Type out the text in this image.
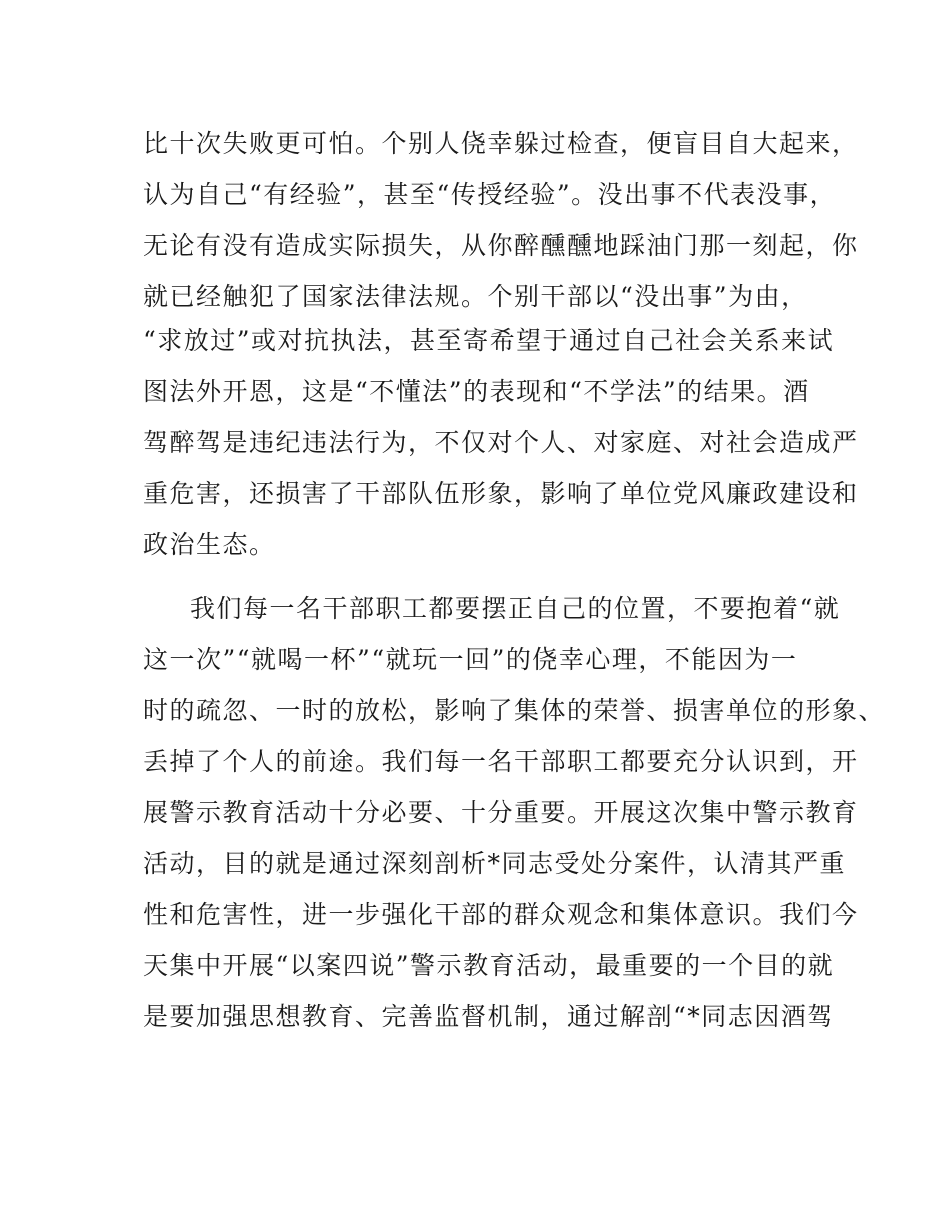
比十次失败更可怕。个别人侥幸躲过检查，便盲目自大起来，
认为自己“有经验”，甚至“传授经验”。没出事不代表没事，
无论有没有造成实际损失，从你醉醺醺地踩油门那一刻起，你
就已经触犯了国家法律法规。个别干部以“没出事”为由，
“求放过”或对抗执法，甚至寄希望于通过自己社会关系来试
图法外开恩，这是“不懂法”的表现和“不学法”的结果。酒
驾醉驾是违纪违法行为，不仅对个人、对家庭、对社会造成严
重危害，还损害了干部队伍形象，影响了单位党风廉政建设和
政治生态。
我们每一名干部职工都要摆正自己的位置，不要抱着“就
这一次”“就喝一杯”“就玩一回”的侥幸心理，不能因为一
时的疏忽、一时的放松，影响了集体的荣誉、损害单位的形象、
丢掉了个人的前途。我们每一名干部职工都要充分认识到，开
展警示教育活动十分必要、十分重要。开展这次集中警示教育
活动，目的就是通过深刻剖析*同志受处分案件，认清其严重
性和危害性，进一步强化干部的群众观念和集体意识。我们今
天集中开展“以案四说”警示教育活动，最重要的一个目的就
是要加强思想教育、完善监督机制，通过解剖“*同志因酒驾
